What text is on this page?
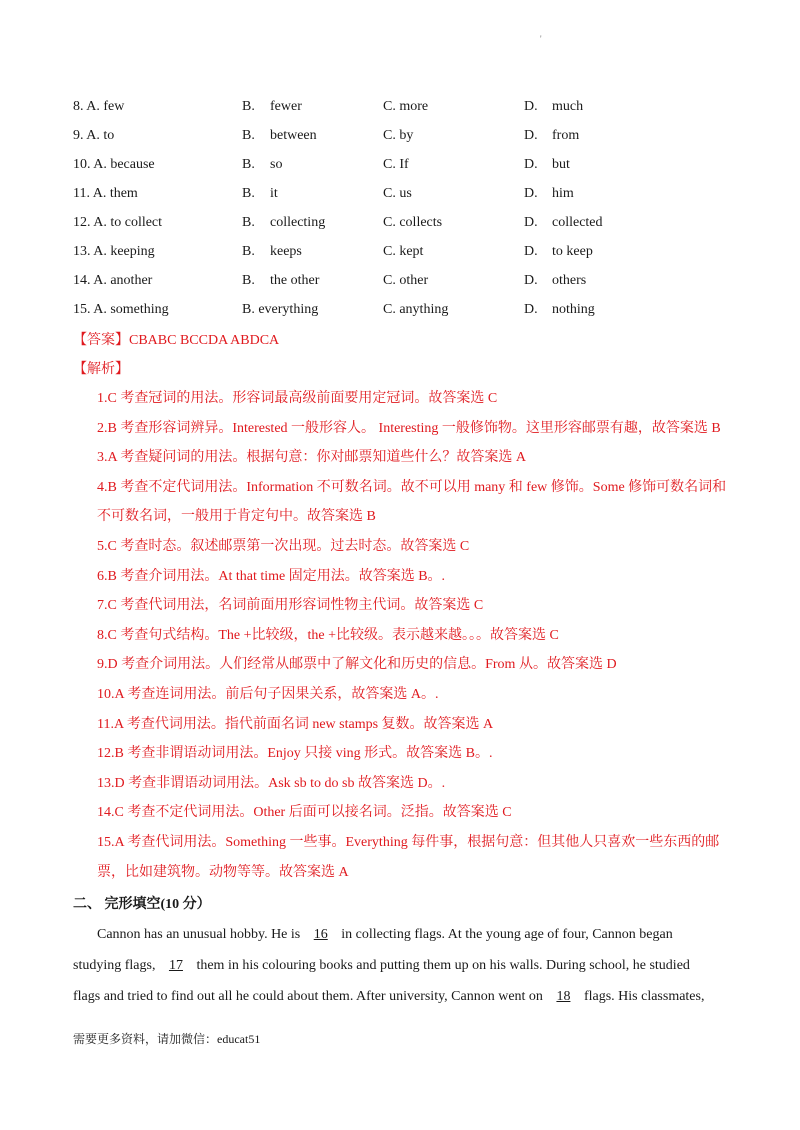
'
8. A. few	B. fewer	C. more	D. much
9. A. to	B. between	C. by	D. from
10. A. because	B. so	C. If	D. but
11. A. them	B. it	C. us	D. him
12. A. to collect	B. collecting	C. collects	D. collected
13. A. keeping	B. keeps	C. kept	D. to keep
14. A. another	B. the other	C. other	D. others
15. A. something	B. everything	C. anything	D. nothing
【答案】CBABC BCCDA ABDCA
【解析】
1.C 考查冠词的用法。形容词最高级前面要用定冠词。故答案选 C
2.B 考查形容词辨异。Interested 一般形容人。 Interesting 一般修饰物。这里形容邮票有趣，故答案选 B
3.A 考查疑问词的用法。根据句意：你对邮票知道些什么？故答案选 A
4.B 考查不定代词用法。Information 不可数名词。故不可以用 many 和 few 修饰。Some 修饰可数名词和
不可数名词，一般用于肯定句中。故答案选 B
5.C 考查时态。叙述邮票第一次出现。过去时态。故答案选 C
6.B 考查介词用法。At that time 固定用法。故答案选 B。.
7.C 考查代词用法，名词前面用形容词性物主代词。故答案选 C
8.C 考查句式结构。The +比较级，the +比较级。表示越来越。。。故答案选 C
9.D 考查介词用法。人们经常从邮票中了解文化和历史的信息。From 从。故答案选 D
10.A 考查连词用法。前后句子因果关系，故答案选 A。.
11.A 考查代词用法。指代前面名词 new stamps 复数。故答案选 A
12.B 考查非谓语动词用法。Enjoy 只接 ving 形式。故答案选 B。.
13.D 考查非谓语动词用法。Ask sb to do sb 故答案选 D。.
14.C 考查不定代词用法。Other 后面可以接名词。泛指。故答案选 C
15.A 考查代词用法。Something 一些事。Everything 每件事，根据句意：但其他人只喜欢一些东西的邮
票，比如建筑物。动物等等。故答案选 A
二、 完形填空(10 分）
Cannon has an unusual hobby. He is 16 in collecting flags. At the young age of four, Cannon began
studying flags, 17 them in his colouring books and putting them up on his walls. During school, he studied
flags and tried to find out all he could about them. After university, Cannon went on 18 flags. His classmates,
需要更多资料，请加微信：educat51
